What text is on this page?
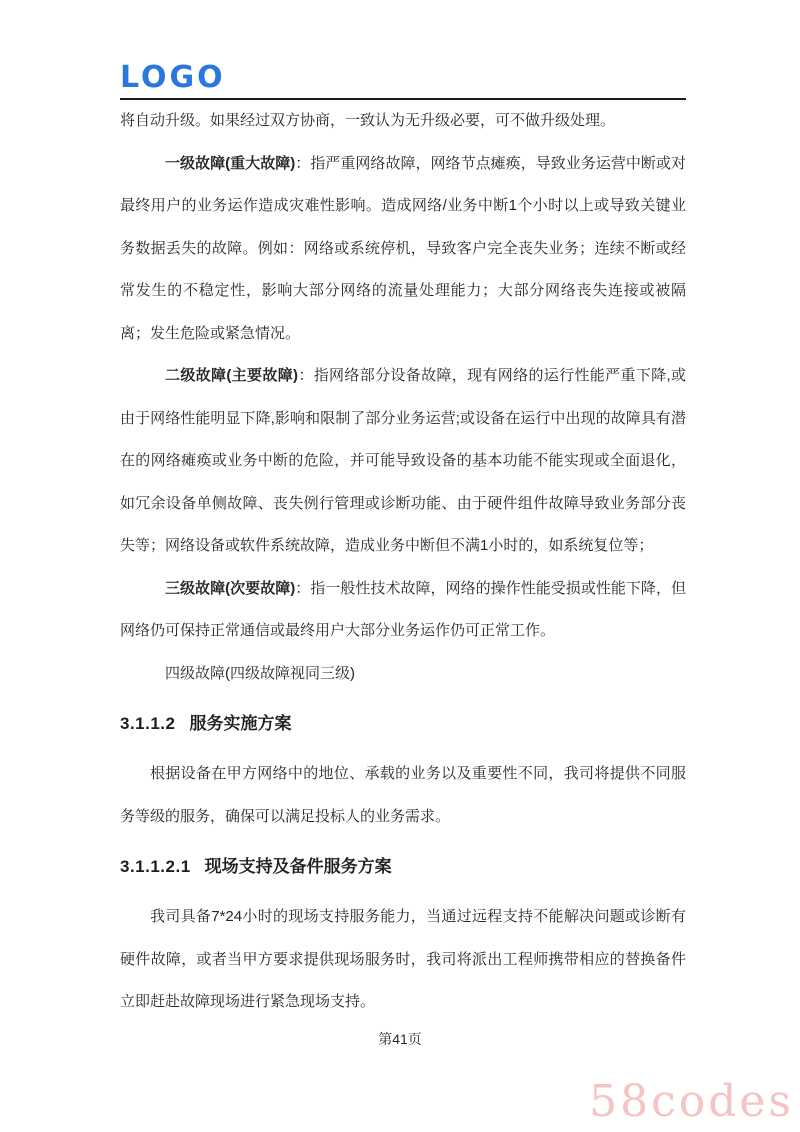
LOGO

将自动升级。如果经过双方协商，一致认为无升级必要，可不做升级处理。

一级故障(重大故障)：指严重网络故障，网络节点瘫痪，导致业务运营中断或对最终用户的业务运作造成灾难性影响。造成网络/业务中断1个小时以上或导致关键业务数据丢失的故障。例如：网络或系统停机，导致客户完全丧失业务；连续不断或经常发生的不稳定性，影响大部分网络的流量处理能力；大部分网络丧失连接或被隔离；发生危险或紧急情况。

二级故障(主要故障)：指网络部分设备故障，现有网络的运行性能严重下降,或由于网络性能明显下降,影响和限制了部分业务运营;或设备在运行中出现的故障具有潜在的网络瘫痪或业务中断的危险，并可能导致设备的基本功能不能实现或全面退化，如冗余设备单侧故障、丧失例行管理或诊断功能、由于硬件组件故障导致业务部分丧失等；网络设备或软件系统故障，造成业务中断但不满1小时的，如系统复位等；

三级故障(次要故障)：指一般性技术故障，网络的操作性能受损或性能下降，但网络仍可保持正常通信或最终用户大部分业务运作仍可正常工作。

四级故障(四级故障视同三级)

3.1.1.2 服务实施方案

根据设备在甲方网络中的地位、承载的业务以及重要性不同，我司将提供不同服务等级的服务，确保可以满足投标人的业务需求。

3.1.1.2.1 现场支持及备件服务方案

我司具备7*24小时的现场支持服务能力，当通过远程支持不能解决问题或诊断有硬件故障，或者当甲方要求提供现场服务时，我司将派出工程师携带相应的替换备件立即赶赴故障现场进行紧急现场支持。

第41页
58codes
